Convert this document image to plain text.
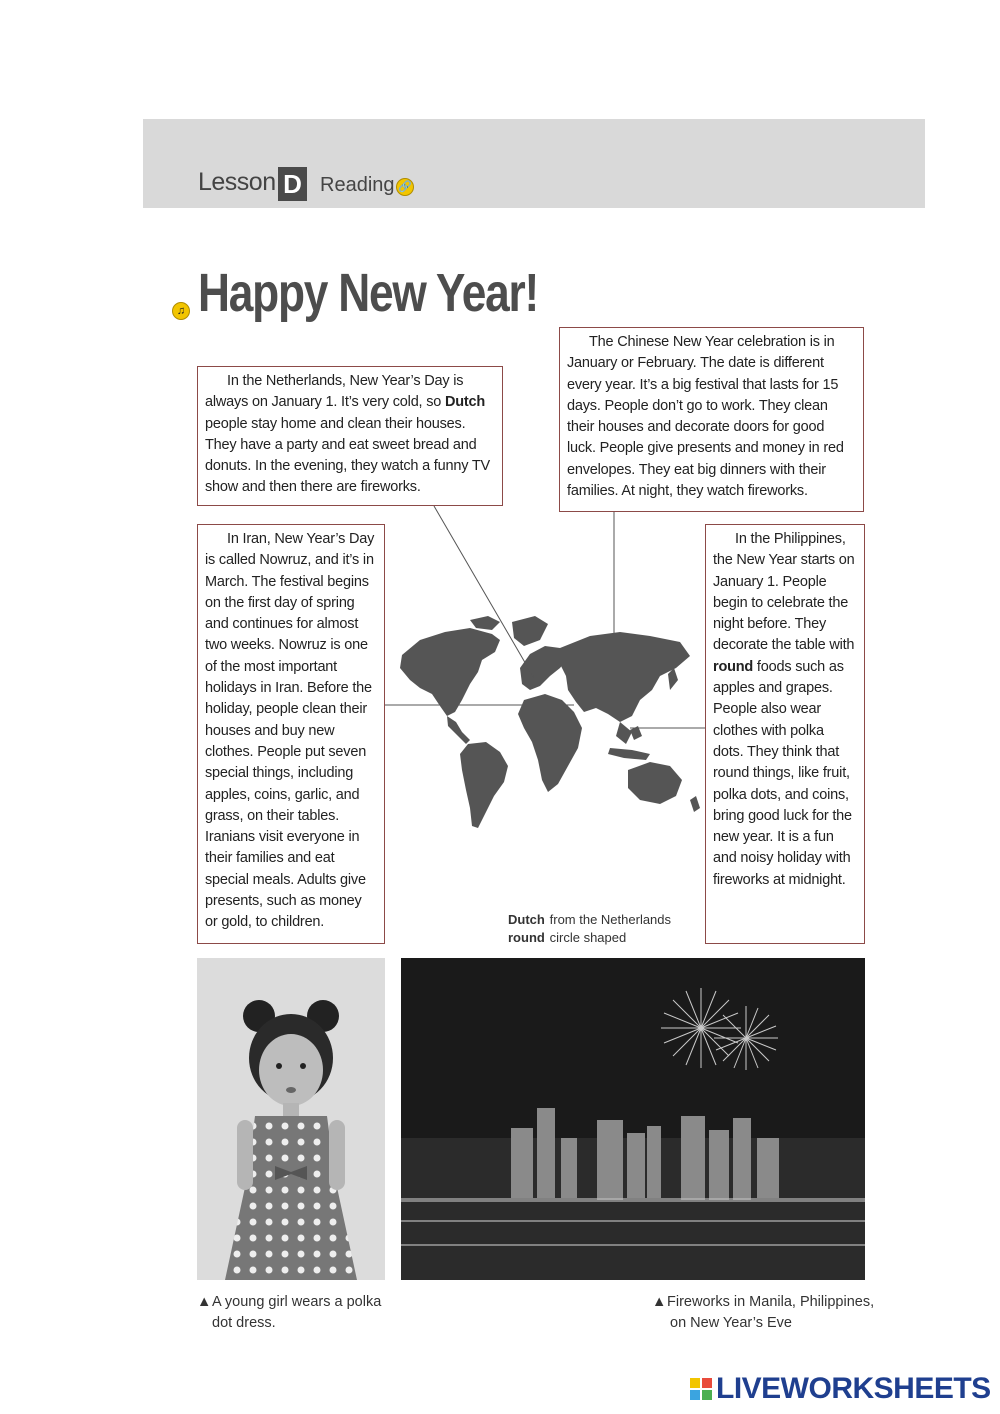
Lesson D Reading 🔗
♫ Happy New Year!

In the Netherlands, New Year’s Day is always on January 1. It’s very cold, so Dutch people stay home and clean their houses. They have a party and eat sweet bread and donuts. In the evening, they watch a funny TV show and then there are fireworks.

The Chinese New Year celebration is in January or February. The date is different every year. It’s a big festival that lasts for 15 days. People don’t go to work. They clean their houses and decorate doors for good luck. People give presents and money in red envelopes. They eat big dinners with their families. At night, they watch fireworks.

In Iran, New Year’s Day is called Nowruz, and it’s in March. The festival begins on the first day of spring and continues for almost two weeks. Nowruz is one of the most important holidays in Iran. Before the holiday, people clean their houses and buy new clothes. People put seven special things, including apples, coins, garlic, and grass, on their tables. Iranians visit everyone in their families and eat special meals. Adults give presents, such as money or gold, to children.

In the Philippines, the New Year starts on January 1. People begin to celebrate the night before. They decorate the table with round foods such as apples and grapes. People also wear clothes with polka dots. They think that round things, like fruit, polka dots, and coins, bring good luck for the new year. It is a fun and noisy holiday with fireworks at midnight.

Dutch from the Netherlands
round circle shaped
▲A young girl wears a polka
dot dress.
▲Fireworks in Manila, Philippines,
on New Year’s Eve
LIVEWORKSHEETS
